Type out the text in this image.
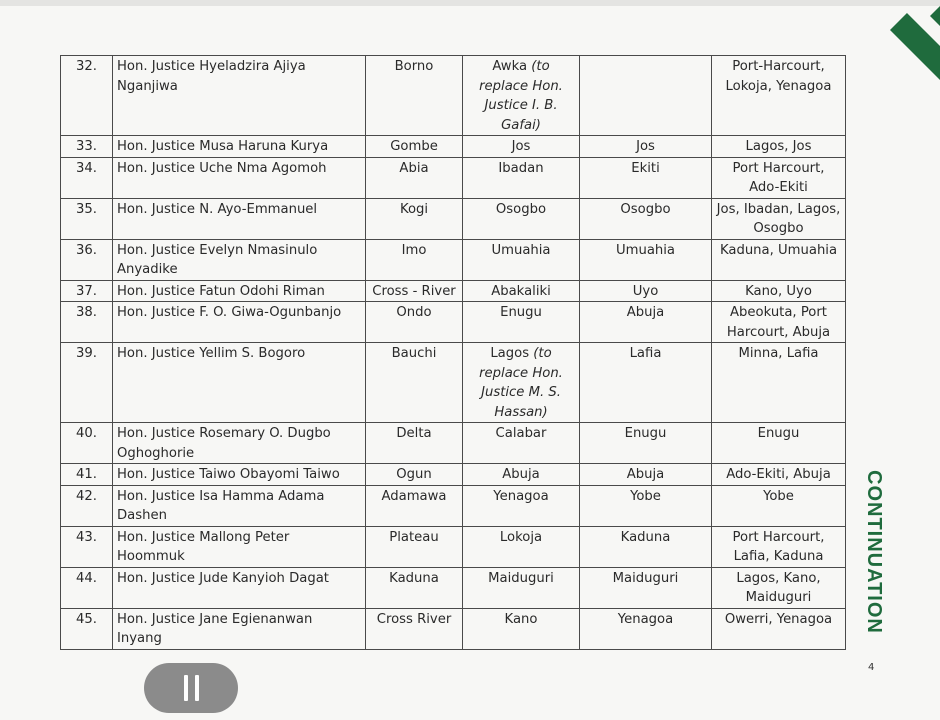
32.	Hon. Justice Hyeladzira Ajiya Nganjiwa	Borno	Awka (to replace Hon. Justice I. B. Gafai)		Port-Harcourt, Lokoja, Yenagoa
33.	Hon. Justice Musa Haruna Kurya	Gombe	Jos	Jos	Lagos, Jos
34.	Hon. Justice Uche Nma Agomoh	Abia	Ibadan	Ekiti	Port Harcourt, Ado-Ekiti
35.	Hon. Justice N. Ayo-Emmanuel	Kogi	Osogbo	Osogbo	Jos, Ibadan, Lagos, Osogbo
36.	Hon. Justice Evelyn Nmasinulo Anyadike	Imo	Umuahia	Umuahia	Kaduna, Umuahia
37.	Hon. Justice Fatun Odohi Riman	Cross - River	Abakaliki	Uyo	Kano, Uyo
38.	Hon. Justice F. O. Giwa-Ogunbanjo	Ondo	Enugu	Abuja	Abeokuta, Port Harcourt, Abuja
39.	Hon. Justice Yellim S. Bogoro	Bauchi	Lagos (to replace Hon. Justice M. S. Hassan)	Lafia	Minna, Lafia
40.	Hon. Justice Rosemary O. Dugbo Oghoghorie	Delta	Calabar	Enugu	Enugu
41.	Hon. Justice Taiwo Obayomi Taiwo	Ogun	Abuja	Abuja	Ado-Ekiti, Abuja
42.	Hon. Justice Isa Hamma Adama Dashen	Adamawa	Yenagoa	Yobe	Yobe
43.	Hon. Justice Mallong Peter Hoommuk	Plateau	Lokoja	Kaduna	Port Harcourt, Lafia, Kaduna
44.	Hon. Justice Jude Kanyioh Dagat	Kaduna	Maiduguri	Maiduguri	Lagos, Kano, Maiduguri
45.	Hon. Justice Jane Egienanwan Inyang	Cross River	Kano	Yenagoa	Owerri, Yenagoa CONTINUATION
4
